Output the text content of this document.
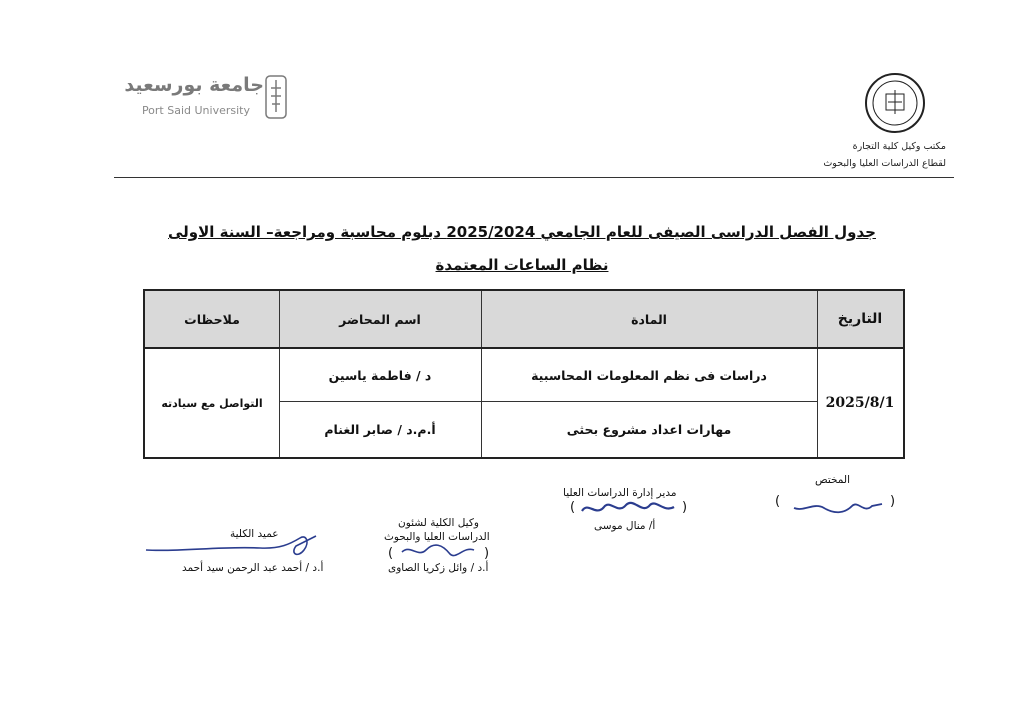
جامعة بورسعيد
Port Said University
مكتب وكيل كلية التجارة
لقطاع الدراسات العليا والبحوث
جدول الفصل الدراسى الصيفى للعام الجامعي 2025/2024 دبلوم محاسبة ومراجعة– السنة الاولى
نظام الساعات المعتمدة
التاريخ
المادة
اسم المحاضر
ملاحظات
2025/8/1
دراسات فى نظم المعلومات المحاسبية
د / فاطمة ياسين
مهارات اعداد مشروع بحثى
أ.م.د / صابر الغنام
التواصل مع سيادته
المختص
(
)
مدير إدارة الدراسات العليا
(
)
أ/ منال موسى
وكيل الكلية لشئون
الدراسات العليا والبحوث
(
)
أ.د / وائل زكريا الصاوى
عميد الكلية
أ.د / أحمد عبد الرحمن سيد أحمد
